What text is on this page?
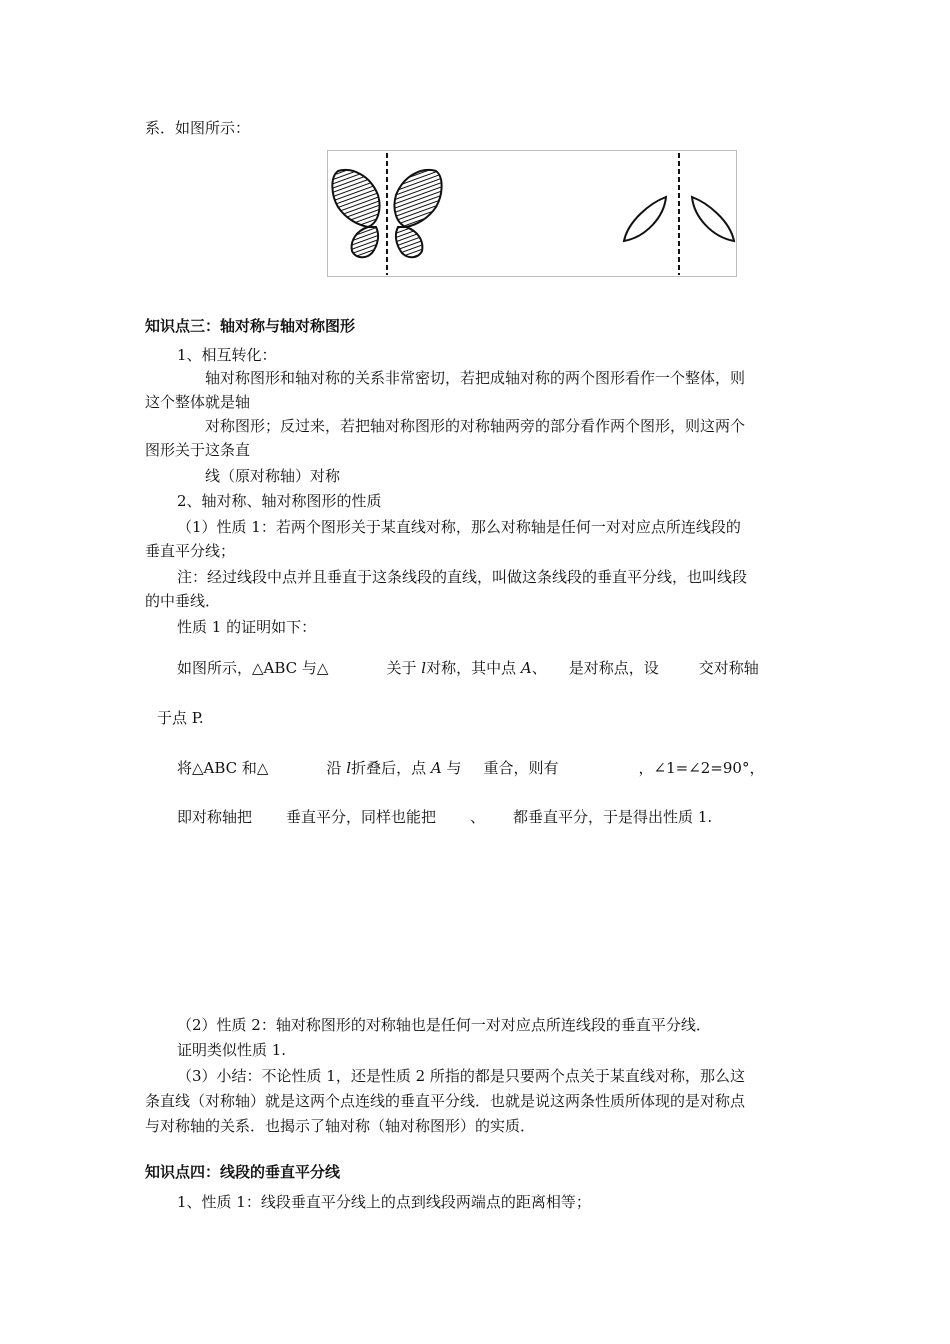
系．如图所示：
知识点三：轴对称与轴对称图形
1、相互转化：
轴对称图形和轴对称的关系非常密切，若把成轴对称的两个图形看作一个整体，则
这个整体就是轴
对称图形；反过来，若把轴对称图形的对称轴两旁的部分看作两个图形，则这两个
图形关于这条直
线（原对称轴）对称
2、轴对称、轴对称图形的性质
（1）性质 1：若两个图形关于某直线对称，那么对称轴是任何一对对应点所连线段的
垂直平分线；
注：经过线段中点并且垂直于这条线段的直线，叫做这条线段的垂直平分线，也叫线段
的中垂线．
性质 1 的证明如下：
如图所示，△ABC 与△	关于 l对称，其中点 A、 是对称点，设	交对称轴
于点 P.
将△ABC 和△	沿 l折叠后，点 A 与 重合，则有	，∠1=∠2=90°，
即对称轴把 垂直平分，同样也能把 、 都垂直平分，于是得出性质 1.
（2）性质 2：轴对称图形的对称轴也是任何一对对应点所连线段的垂直平分线．
证明类似性质 1.
（3）小结：不论性质 1，还是性质 2 所指的都是只要两个点关于某直线对称，那么这
条直线（对称轴）就是这两个点连线的垂直平分线．也就是说这两条性质所体现的是对称点
与对称轴的关系．也揭示了轴对称（轴对称图形）的实质．
知识点四：线段的垂直平分线
1、性质 1：线段垂直平分线上的点到线段两端点的距离相等；
